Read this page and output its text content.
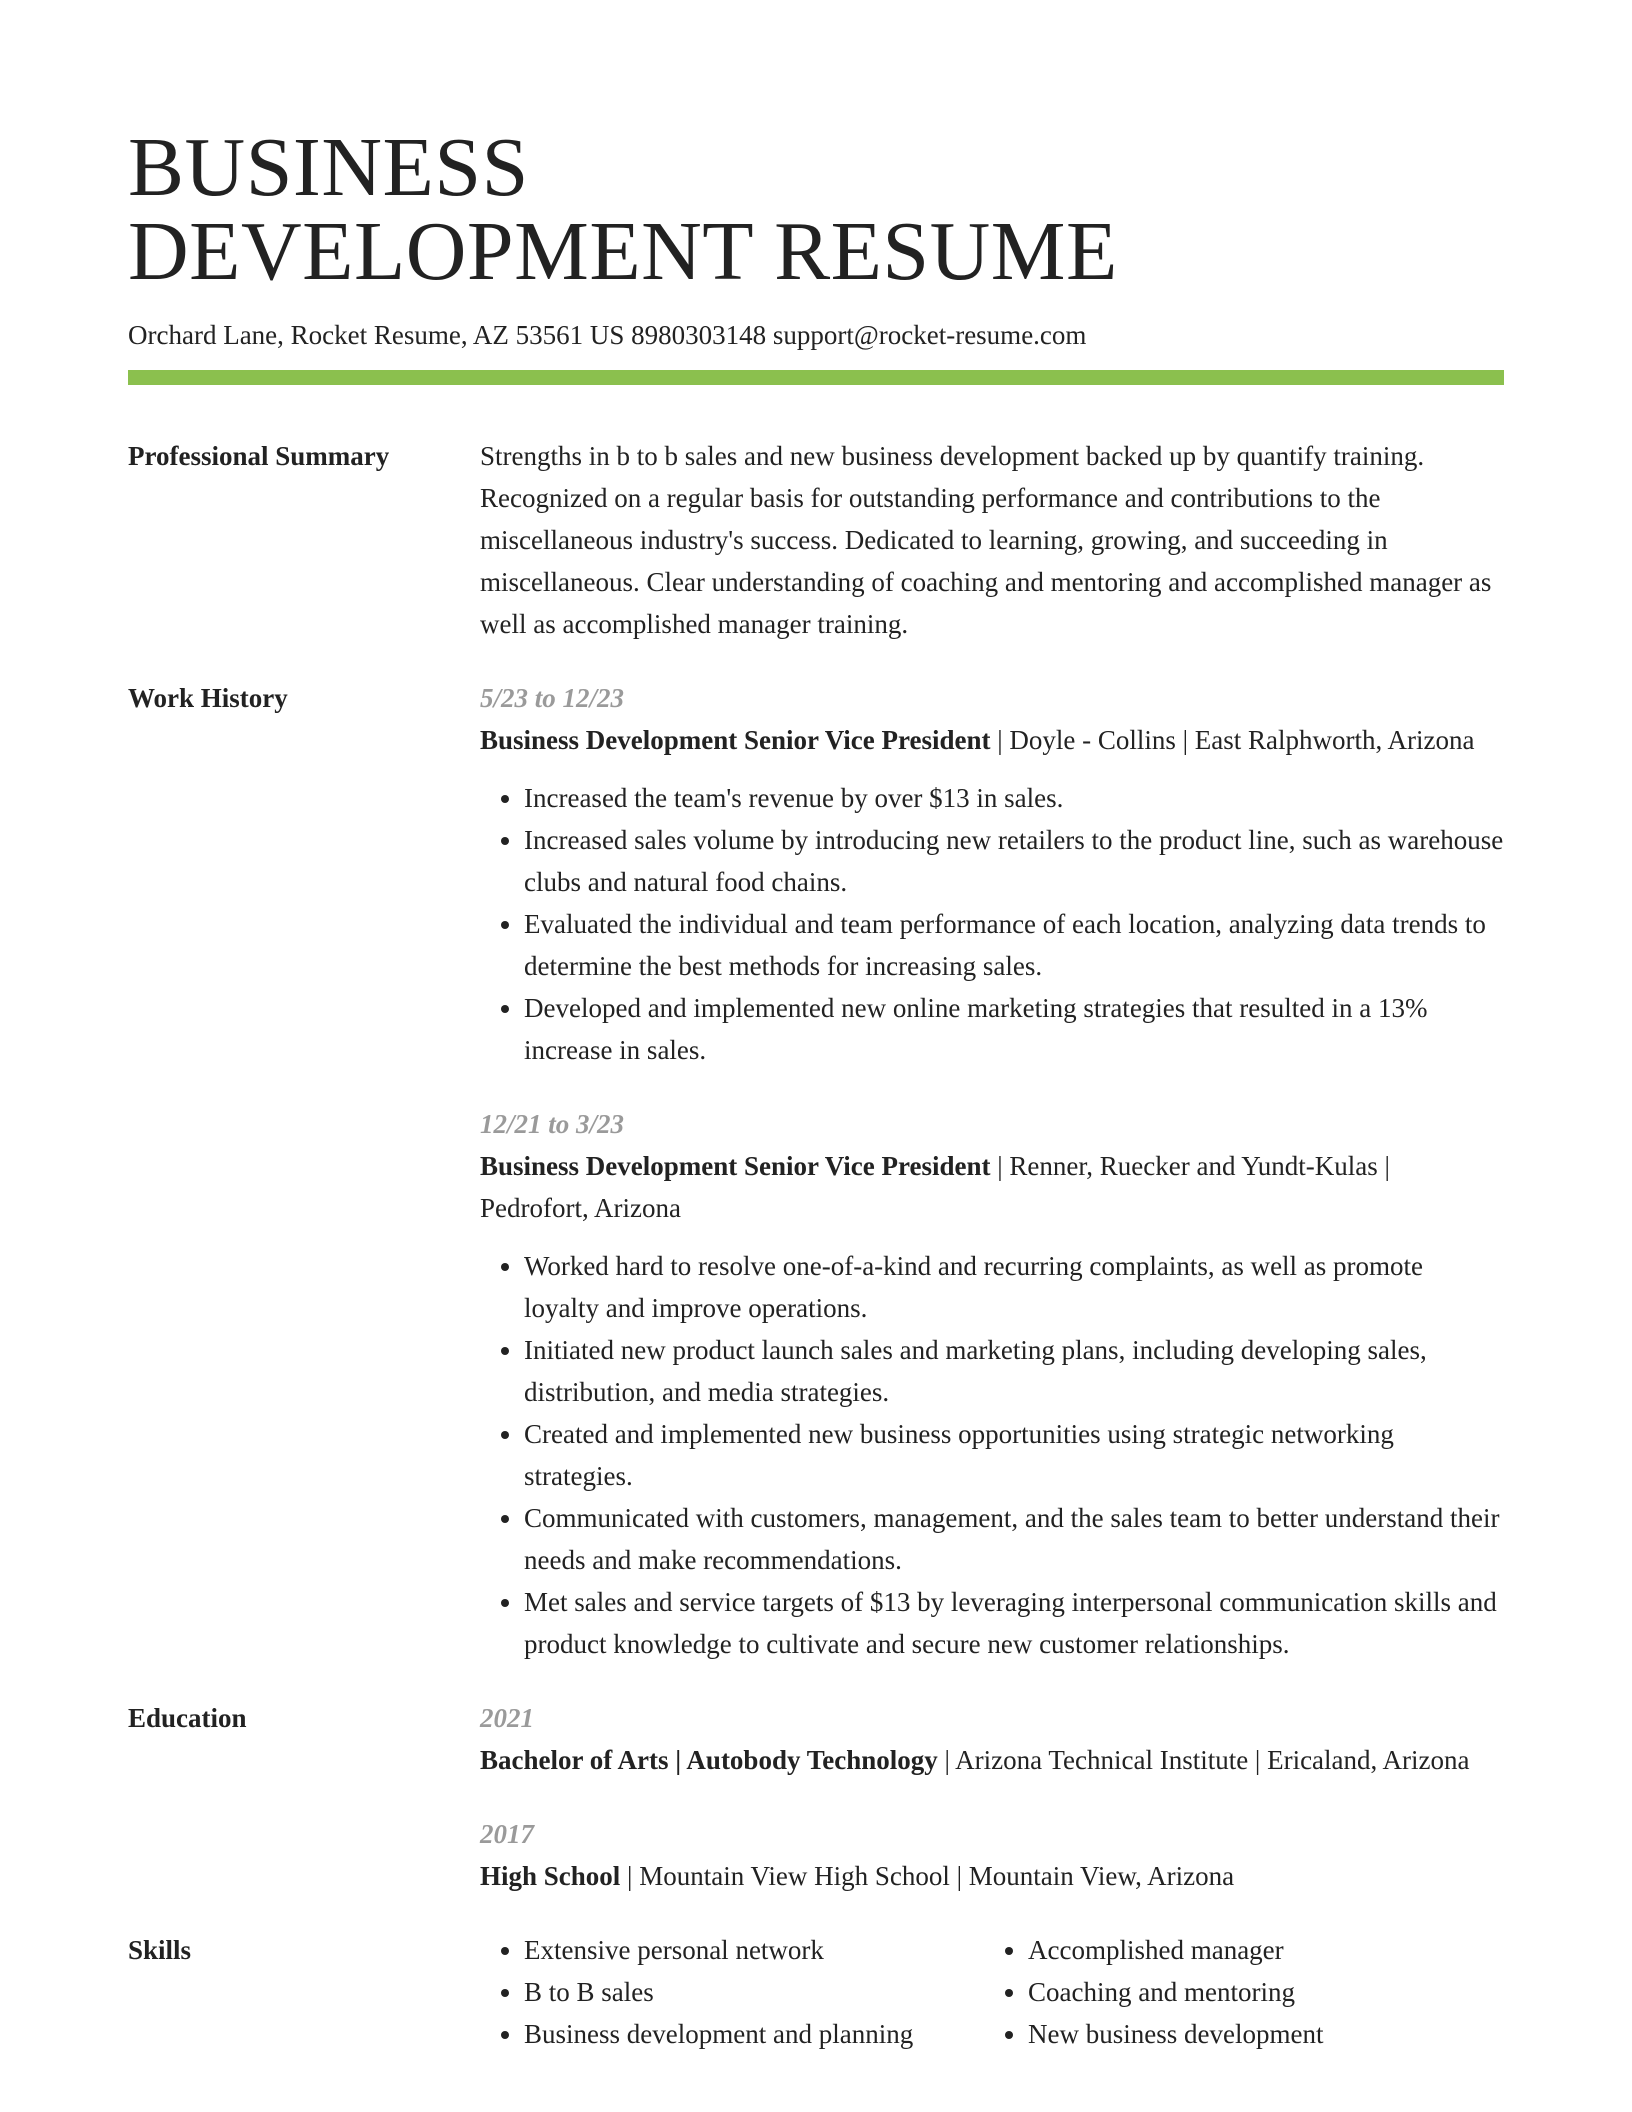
BUSINESS
DEVELOPMENT RESUME
Orchard Lane, Rocket Resume, AZ 53561 US 8980303148 support@rocket-resume.com
Professional Summary	Strengths in b to b sales and new business development backed up by quantify training. Recognized on a regular basis for outstanding performance and contributions to the miscellaneous industry's success. Dedicated to learning, growing, and succeeding in miscellaneous. Clear understanding of coaching and mentoring and accomplished manager as well as accomplished manager training.
Work History	5/23 to 12/23
Business Development Senior Vice President | Doyle - Collins | East Ralphworth, Arizona
• Increased the team's revenue by over $13 in sales.
• Increased sales volume by introducing new retailers to the product line, such as warehouse clubs and natural food chains.
• Evaluated the individual and team performance of each location, analyzing data trends to determine the best methods for increasing sales.
• Developed and implemented new online marketing strategies that resulted in a 13% increase in sales.
12/21 to 3/23
Business Development Senior Vice President | Renner, Ruecker and Yundt-Kulas | Pedrofort, Arizona
• Worked hard to resolve one-of-a-kind and recurring complaints, as well as promote loyalty and improve operations.
• Initiated new product launch sales and marketing plans, including developing sales, distribution, and media strategies.
• Created and implemented new business opportunities using strategic networking strategies.
• Communicated with customers, management, and the sales team to better understand their needs and make recommendations.
• Met sales and service targets of $13 by leveraging interpersonal communication skills and product knowledge to cultivate and secure new customer relationships.
Education	2021
Bachelor of Arts | Autobody Technology | Arizona Technical Institute | Ericaland, Arizona
2017
High School | Mountain View High School | Mountain View, Arizona
Skills
•	Extensive personal network
• B to B sales
• Business development and planning
• Accomplished manager
• Coaching and mentoring
• New business development
